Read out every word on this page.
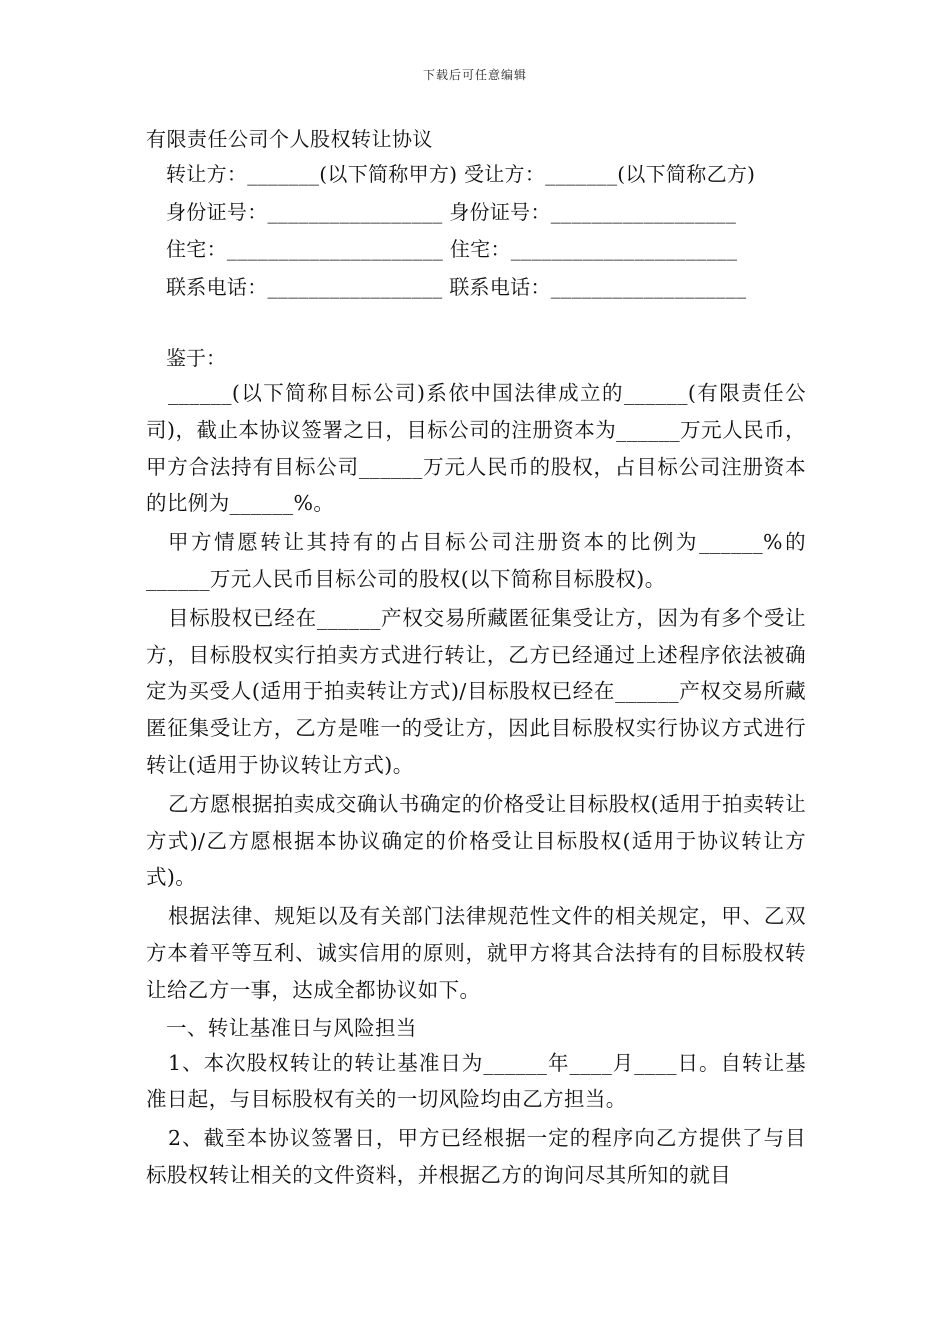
下载后可任意编辑
有限责任公司个人股权转让协议
转让方：_______(以下简称甲方) 受让方：_______(以下简称乙方)
身份证号：_________________ 身份证号：__________________
住宅：_____________________ 住宅：______________________
联系电话：_________________ 联系电话：___________________
鉴于：

______(以下简称目标公司)系依中国法律成立的______(有限责任公司)，截止本协议签署之日，目标公司的注册资本为______万元人民币，甲方合法持有目标公司______万元人民币的股权，占目标公司注册资本的比例为______%。

甲方情愿转让其持有的占目标公司注册资本的比例为______%的______万元人民币目标公司的股权(以下简称目标股权)。

目标股权已经在______产权交易所藏匿征集受让方，因为有多个受让方，目标股权实行拍卖方式进行转让，乙方已经通过上述程序依法被确定为买受人(适用于拍卖转让方式)/目标股权已经在______产权交易所藏匿征集受让方，乙方是唯一的受让方，因此目标股权实行协议方式进行转让(适用于协议转让方式)。

乙方愿根据拍卖成交确认书确定的价格受让目标股权(适用于拍卖转让方式)/乙方愿根据本协议确定的价格受让目标股权(适用于协议转让方式)。

根据法律、规矩以及有关部门法律规范性文件的相关规定，甲、乙双方本着平等互利、诚实信用的原则，就甲方将其合法持有的目标股权转让给乙方一事，达成全都协议如下。

一、转让基准日与风险担当

1、本次股权转让的转让基准日为______年____月____日。自转让基准日起，与目标股权有关的一切风险均由乙方担当。

2、截至本协议签署日，甲方已经根据一定的程序向乙方提供了与目标股权转让相关的文件资料，并根据乙方的询问尽其所知的就目
